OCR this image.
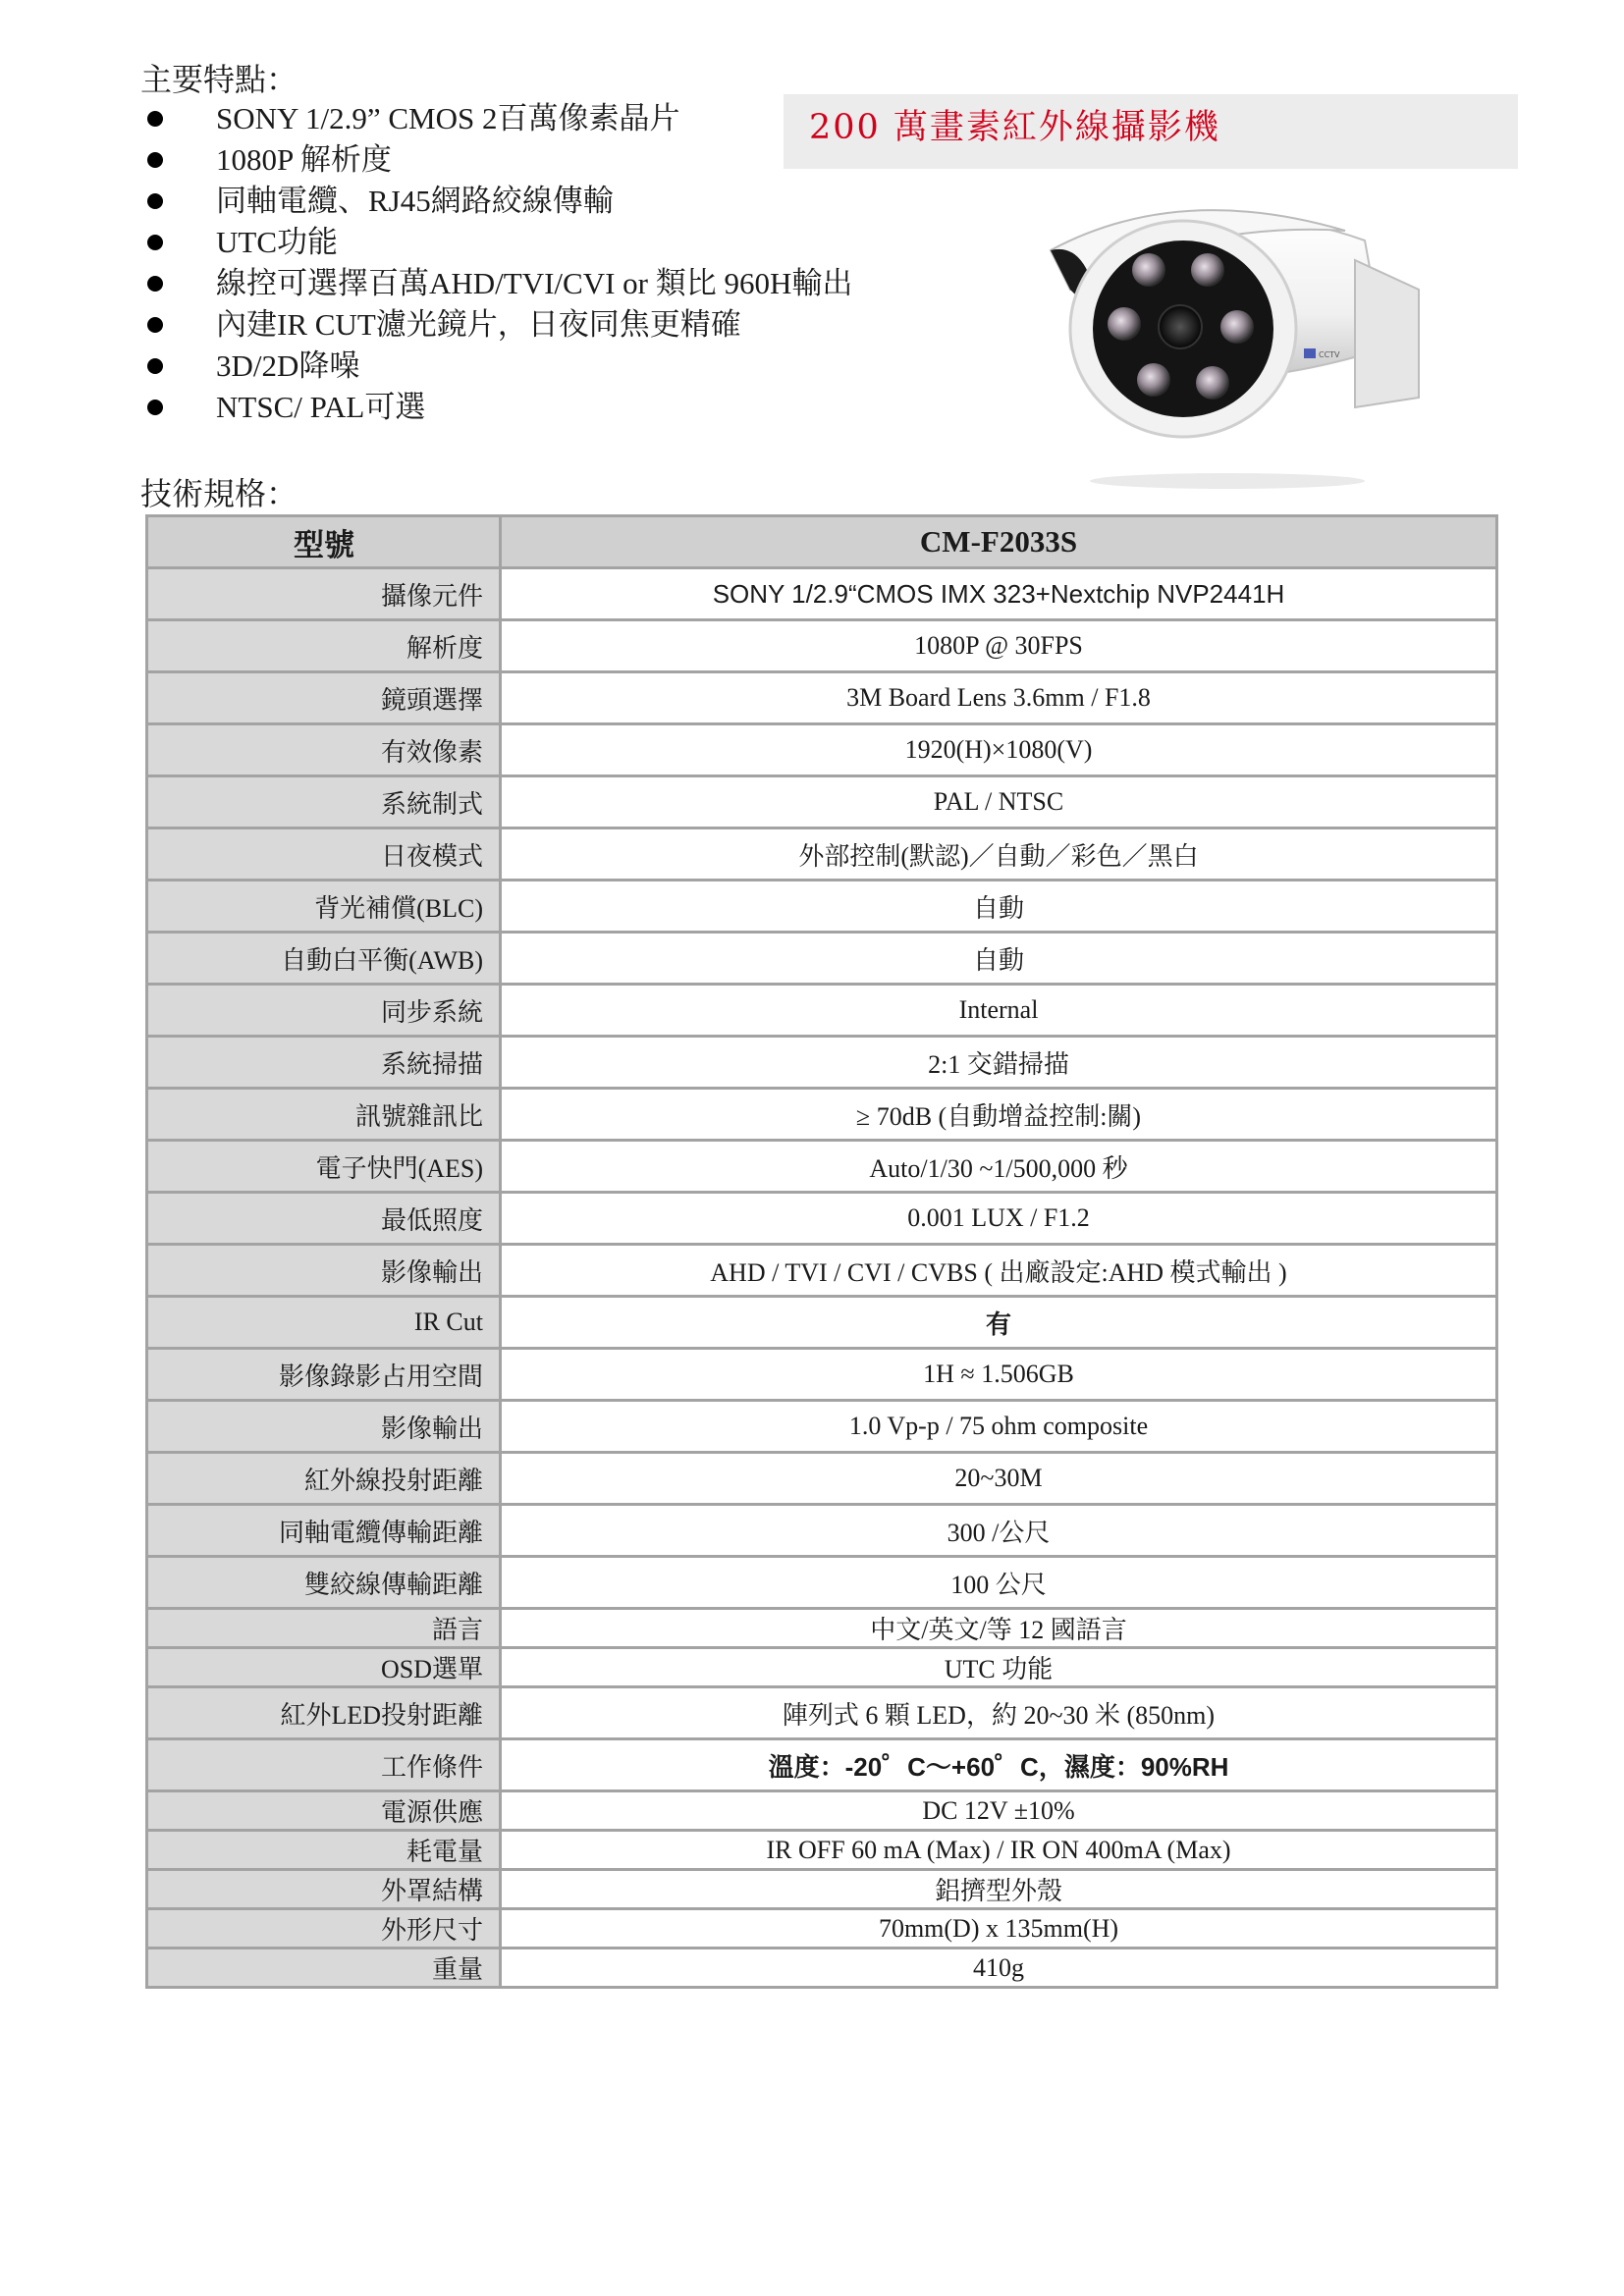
主要特點：
SONY 1/2.9” CMOS 2百萬像素晶片
1080P 解析度
同軸電纜、RJ45網路絞線傳輸
UTC功能
線控可選擇百萬AHD/TVI/CVI or 類比 960H輸出
內建IR CUT濾光鏡片，日夜同焦更精確
3D/2D降噪
NTSC/ PAL可選
200 萬畫素紅外線攝影機
CCTV
技術規格：
型號	CM-F2033S
攝像元件	SONY 1/2.9“CMOS IMX 323+Nextchip NVP2441H
解析度	1080P @ 30FPS
鏡頭選擇	3M Board Lens 3.6mm / F1.8
有效像素	1920(H)×1080(V)
系統制式	PAL / NTSC
日夜模式	外部控制(默認)／自動／彩色／黑白
背光補償(BLC)	自動
自動白平衡(AWB)	自動
同步系統	Internal
系統掃描	2:1 交錯掃描
訊號雜訊比	≥ 70dB (自動增益控制:關)
電子快門(AES)	Auto/1/30 ~1/500,000 秒
最低照度	0.001 LUX / F1.2
影像輸出	AHD / TVI / CVI / CVBS ( 出廠設定:AHD 模式輸出 )
IR Cut	有
影像錄影占用空間	1H ≈ 1.506GB
影像輸出	1.0 Vp-p / 75 ohm composite
紅外線投射距離	20~30M
同軸電纜傳輸距離	300 /公尺
雙絞線傳輸距離	100 公尺
語言	中文/英文/等 12 國語言
OSD選單	UTC 功能
紅外LED投射距離	陣列式 6 顆 LED，約 20~30 米 (850nm)
工作條件	溫度：-20゜C～+60゜C，濕度：90%RH
電源供應	DC 12V ±10%
耗電量	IR OFF 60 mA (Max) / IR ON 400mA (Max)
外罩結構	鋁擠型外殼
外形尺寸	70mm(D) x 135mm(H)
重量	410g
